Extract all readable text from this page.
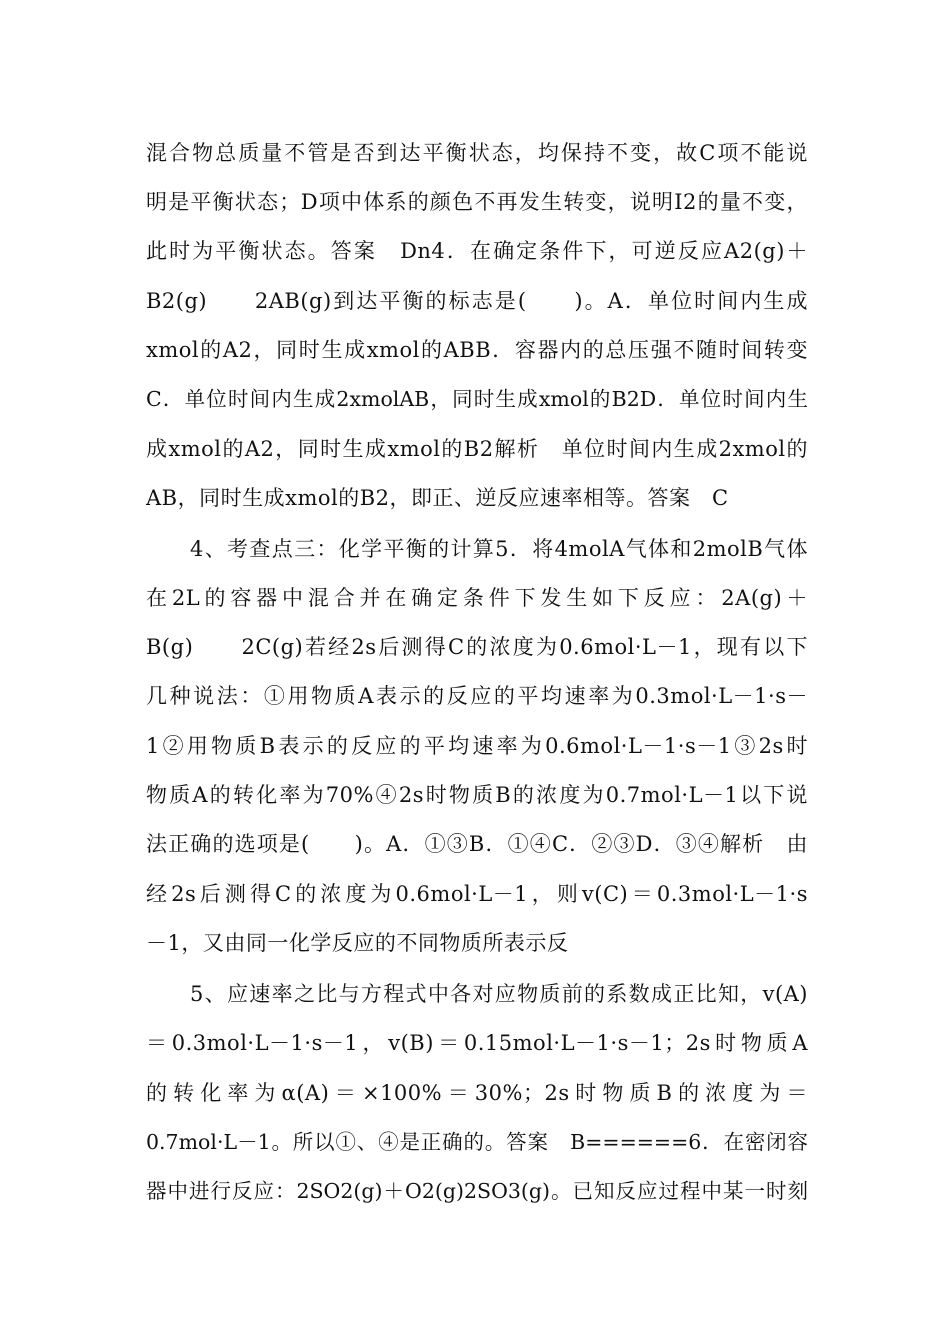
混合物总质量不管是否到达平衡状态，均保持不变，故C项不能说
明是平衡状态；D项中体系的颜色不再发生转变，说明I2的量不变，
此时为平衡状态。答案　Dn4．在确定条件下，可逆反应A2(g)＋
B2(g)　　2AB(g)到达平衡的标志是(　　)。A．单位时间内生成
xmol的A2，同时生成xmol的ABB．容器内的总压强不随时间转变
C．单位时间内生成2xmolAB，同时生成xmol的B2D．单位时间内生
成xmol的A2，同时生成xmol的B2解析　单位时间内生成2xmol的
AB，同时生成xmol的B2，即正、逆反应速率相等。答案　C
4、考查点三：化学平衡的计算5．将4molA气体和2molB气体
在2L的容器中混合并在确定条件下发生如下反应：2A(g)＋
B(g)　　2C(g)若经2s后测得C的浓度为0.6mol·L－1，现有以下
几种说法：①用物质A表示的反应的平均速率为0.3mol·L－1·s－
1②用物质B表示的反应的平均速率为0.6mol·L－1·s－1③2s时
物质A的转化率为70%④2s时物质B的浓度为0.7mol·L－1以下说
法正确的选项是(　　)。A．①③B．①④C．②③D．③④解析　由
经2s后测得C的浓度为0.6mol·L－1，则v(C)＝0.3mol·L－1·s
－1，又由同一化学反应的不同物质所表示反
5、应速率之比与方程式中各对应物质前的系数成正比知，v(A)
＝0.3mol·L－1·s－1，v(B)＝0.15mol·L－1·s－1；2s时物质A
的转化率为α(A)＝×100%＝30%；2s时物质B的浓度为＝
0.7mol·L－1。所以①、④是正确的。答案　B======6．在密闭容
器中进行反应：2SO2(g)＋O2(g)2SO3(g)。已知反应过程中某一时刻
